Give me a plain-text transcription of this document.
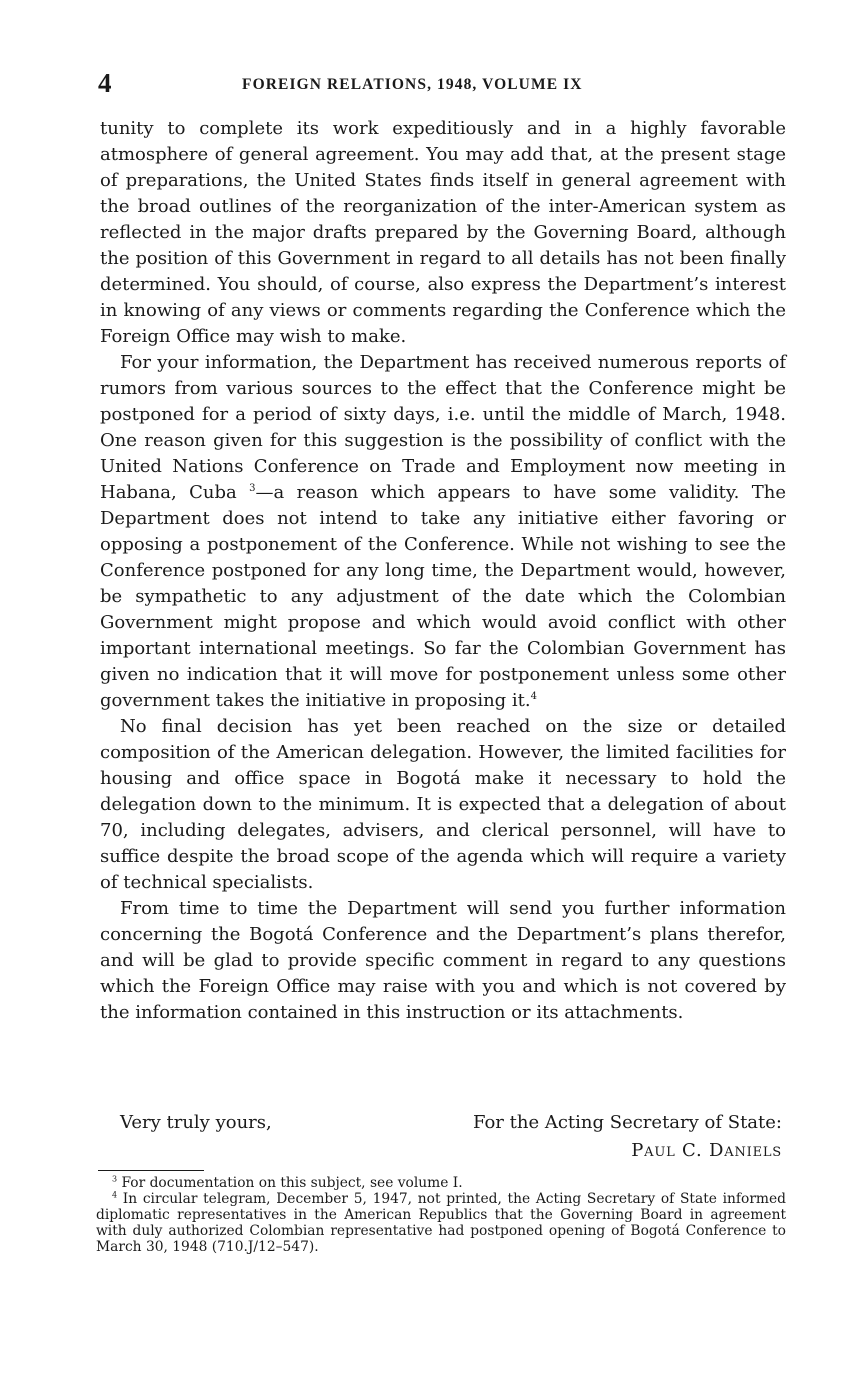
4	FOREIGN RELATIONS, 1948, VOLUME IX

tunity to complete its work expeditiously and in a highly favorable atmosphere of general agreement. You may add that, at the present stage of preparations, the United States finds itself in general agreement with the broad outlines of the reorganization of the inter-American system as reflected in the major drafts prepared by the Governing Board, although the position of this Government in regard to all details has not been finally determined. You should, of course, also express the Department’s interest in knowing of any views or comments regarding the Conference which the Foreign Office may wish to make.

For your information, the Department has received numerous reports of rumors from various sources to the effect that the Conference might be postponed for a period of sixty days, i.e. until the middle of March, 1948. One reason given for this suggestion is the possibility of conflict with the United Nations Conference on Trade and Employment now meeting in Habana, Cuba $^3$—a reason which appears to have some validity. The Department does not intend to take any initiative either favoring or opposing a postponement of the Conference. While not wishing to see the Conference postponed for any long time, the Department would, however, be sympathetic to any adjustment of the date which the Colombian Government might propose and which would avoid conflict with other important international meetings. So far the Colombian Government has given no indication that it will move for postponement unless some other government takes the initiative in proposing it.$^4$

No final decision has yet been reached on the size or detailed composition of the American delegation. However, the limited facilities for housing and office space in Bogotá make it necessary to hold the delegation down to the minimum. It is expected that a delegation of about 70, including delegates, advisers, and clerical personnel, will have to suffice despite the broad scope of the agenda which will require a variety of technical specialists.

From time to time the Department will send you further information concerning the Bogotá Conference and the Department’s plans therefor, and will be glad to provide specific comment in regard to any questions which the Foreign Office may raise with you and which is not covered by the information contained in this instruction or its attachments.

Very truly yours,	For the Acting Secretary of State:
Paul C. Daniels

$^3$ For documentation on this subject, see volume I.

$^4$ In circular telegram, December 5, 1947, not printed, the Acting Secretary of State informed diplomatic representatives in the American Republics that the Governing Board in agreement with duly authorized Colombian representative had postponed opening of Bogotá Conference to March 30, 1948 (710.J/12–547).
